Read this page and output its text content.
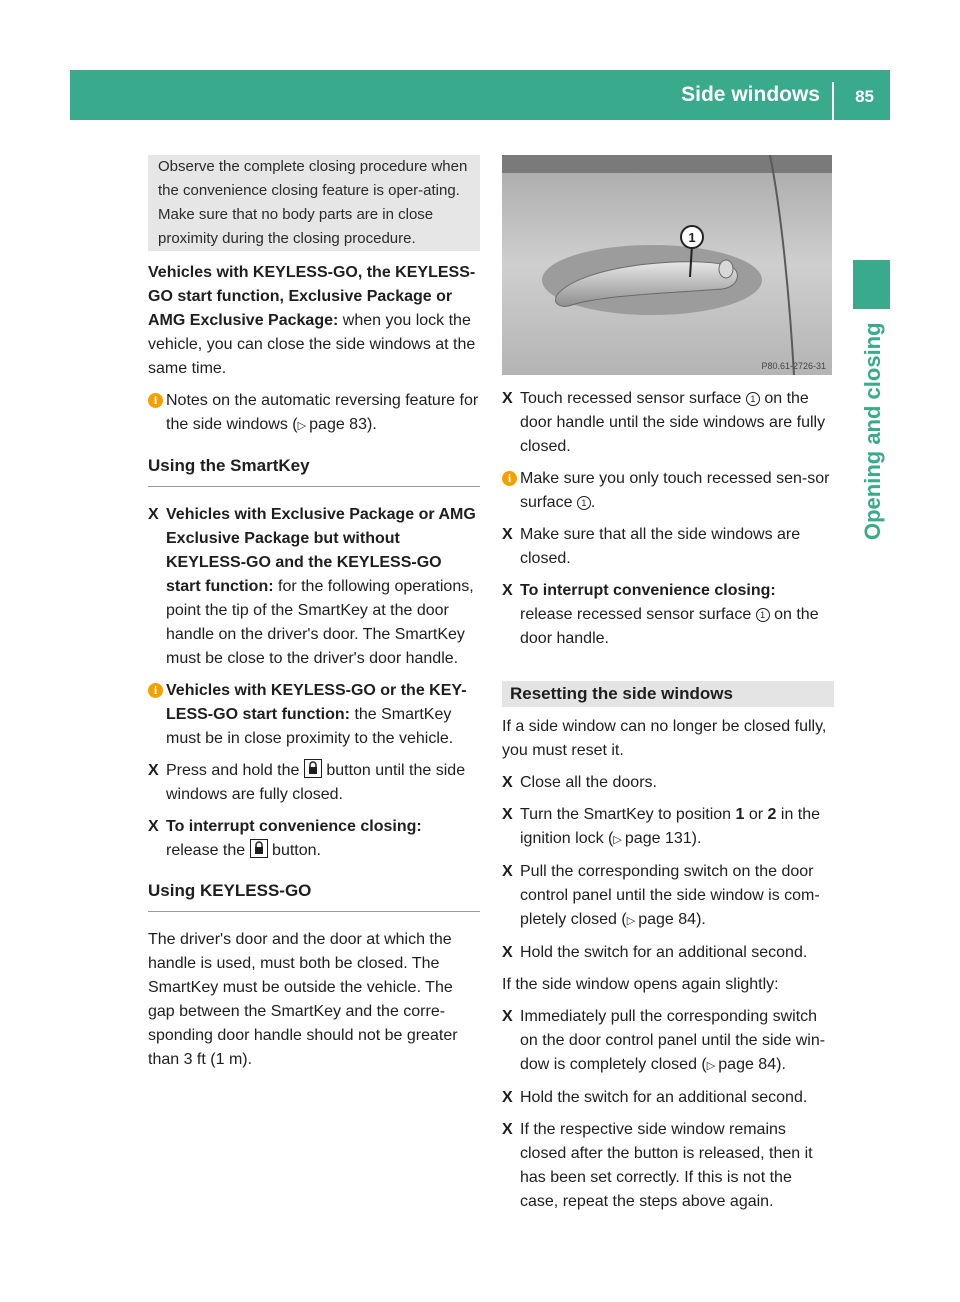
Side windows 85
Opening and closing

Observe the complete closing procedure when the convenience closing feature is oper-ating. Make sure that no body parts are in close proximity during the closing procedure.

Vehicles with KEYLESS-GO, the KEYLESS-GO start function, Exclusive Package or AMG Exclusive Package: when you lock the vehicle, you can close the side windows at the same time.

i Notes on the automatic reversing feature for the side windows (▷ page 83).
Using the SmartKey
X Vehicles with Exclusive Package or AMG Exclusive Package but without KEYLESS-GO and the KEYLESS-GO start function: for the following operations, point the tip of the SmartKey at the door handle on the driver's door. The SmartKey must be close to the driver's door handle.
i Vehicles with KEYLESS-GO or the KEY-LESS-GO start function: the SmartKey must be in close proximity to the vehicle.
X Press and hold the
button until the side windows are fully closed.
X To interrupt convenience closing:
release the
button.
Using KEYLESS-GO

The driver's door and the door at which the handle is used, must both be closed. The SmartKey must be outside the vehicle. The gap between the SmartKey and the corre-sponding door handle should not be greater than 3 ft (1 m).

1
P80.61-2726-31
X Touch recessed sensor surface 1 on the door handle until the side windows are fully closed.
i Make sure you only touch recessed sen-sor surface 1 .
X Make sure that all the side windows are closed.
X To interrupt convenience closing:
release recessed sensor surface 1 on the door handle.
Resetting the side windows

If a side window can no longer be closed fully, you must reset it.

X Close all the doors.
X Turn the SmartKey to position 1 or 2 in the ignition lock (▷ page 131).
X Pull the corresponding switch on the door control panel until the side window is com-pletely closed (▷ page 84).
X Hold the switch for an additional second.

If the side window opens again slightly:

X Immediately pull the corresponding switch on the door control panel until the side win-dow is completely closed (▷ page 84).
X Hold the switch for an additional second.
X If the respective side window remains closed after the button is released, then it has been set correctly. If this is not the case, repeat the steps above again.
